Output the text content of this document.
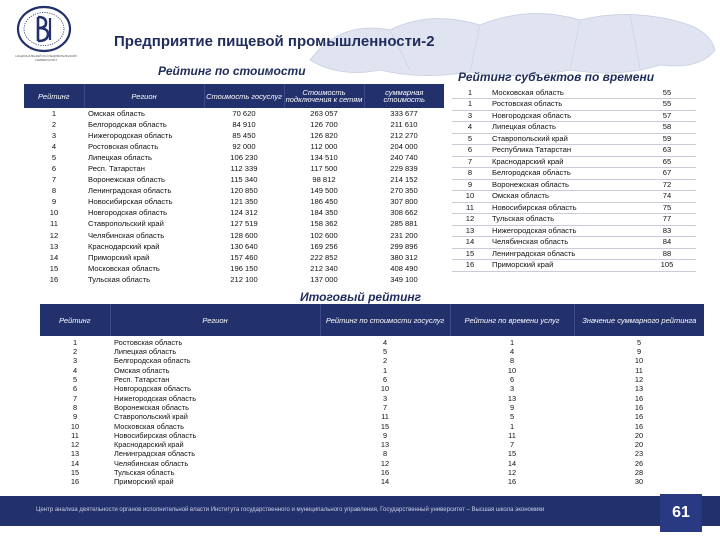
НАЦИОНАЛЬНЫЙ ИССЛЕДОВАТЕЛЬСКИЙ УНИВЕРСИТЕТ
Предприятие пищевой промышленности-2
Рейтинг по стоимости	Рейтинг субъектов по времени
Итоговый рейтинг
Рейтинг	Регион	Стоимость госуслуг	Стоимость подключения к сетям	суммарная стоимость
1	Омская область	70 620	263 057	333 677
2	Белгородская область	84 910	126 700	211 610
3	Нижегородская область	85 450	126 820	212 270
4	Ростовская область	92 000	112 000	204 000
5	Липецкая область	106 230	134 510	240 740
6	Респ. Татарстан	112 339	117 500	229 839
7	Воронежская область	115 340	98 812	214 152
8	Ленинградская область	120 850	149 500	270 350
9	Новосибирская область	121 350	186 450	307 800
10	Новгородская область	124 312	184 350	308 662
11	Ставропольский край	127 519	158 362	285 881
12	Челябинская область	128 600	102 600	231 200
13	Краснодарский край	130 640	169 256	299 896
14	Приморский край	157 460	222 852	380 312
15	Московская область	196 150	212 340	408 490
16	Тульская область	212 100	137 000	349 100
1	Московская область	55
1	Ростовская область	55
3	Новгородская область	57
4	Липецкая область	58
5	Ставропольский край	59
6	Республика Татарстан	63
7	Краснодарский край	65
8	Белгородская область	67
9	Воронежская область	72
10	Омская область	74
11	Новосибирская область	75
12	Тульская область	77
13	Нижегородская область	83
14	Челябинская область	84
15	Ленинградская область	88
16	Приморский край	105
Рейтинг	Регион	Рейтинг по стоимости госуслуг	Рейтинг по времени услуг	Значение суммарного рейтинга
1	Ростовская область	4	1	5
2	Липецкая область	5	4	9
3	Белгородская область	2	8	10
4	Омская область	1	10	11
5	Респ. Татарстан	6	6	12
6	Новгородская область	10	3	13
7	Нижегородская область	3	13	16
8	Воронежская область	7	9	16
9	Ставропольский край	11	5	16
10	Московская область	15	1	16
11	Новосибирская область	9	11	20
12	Краснодарский край	13	7	20
13	Ленинградская область	8	15	23
14	Челябинская область	12	14	26
15	Тульская область	16	12	28
16	Приморский край	14	16	30
Центр анализа деятельности органов исполнительной власти Института государственного и муниципального управления, Государственный университет – Высшая школа экономики	61
